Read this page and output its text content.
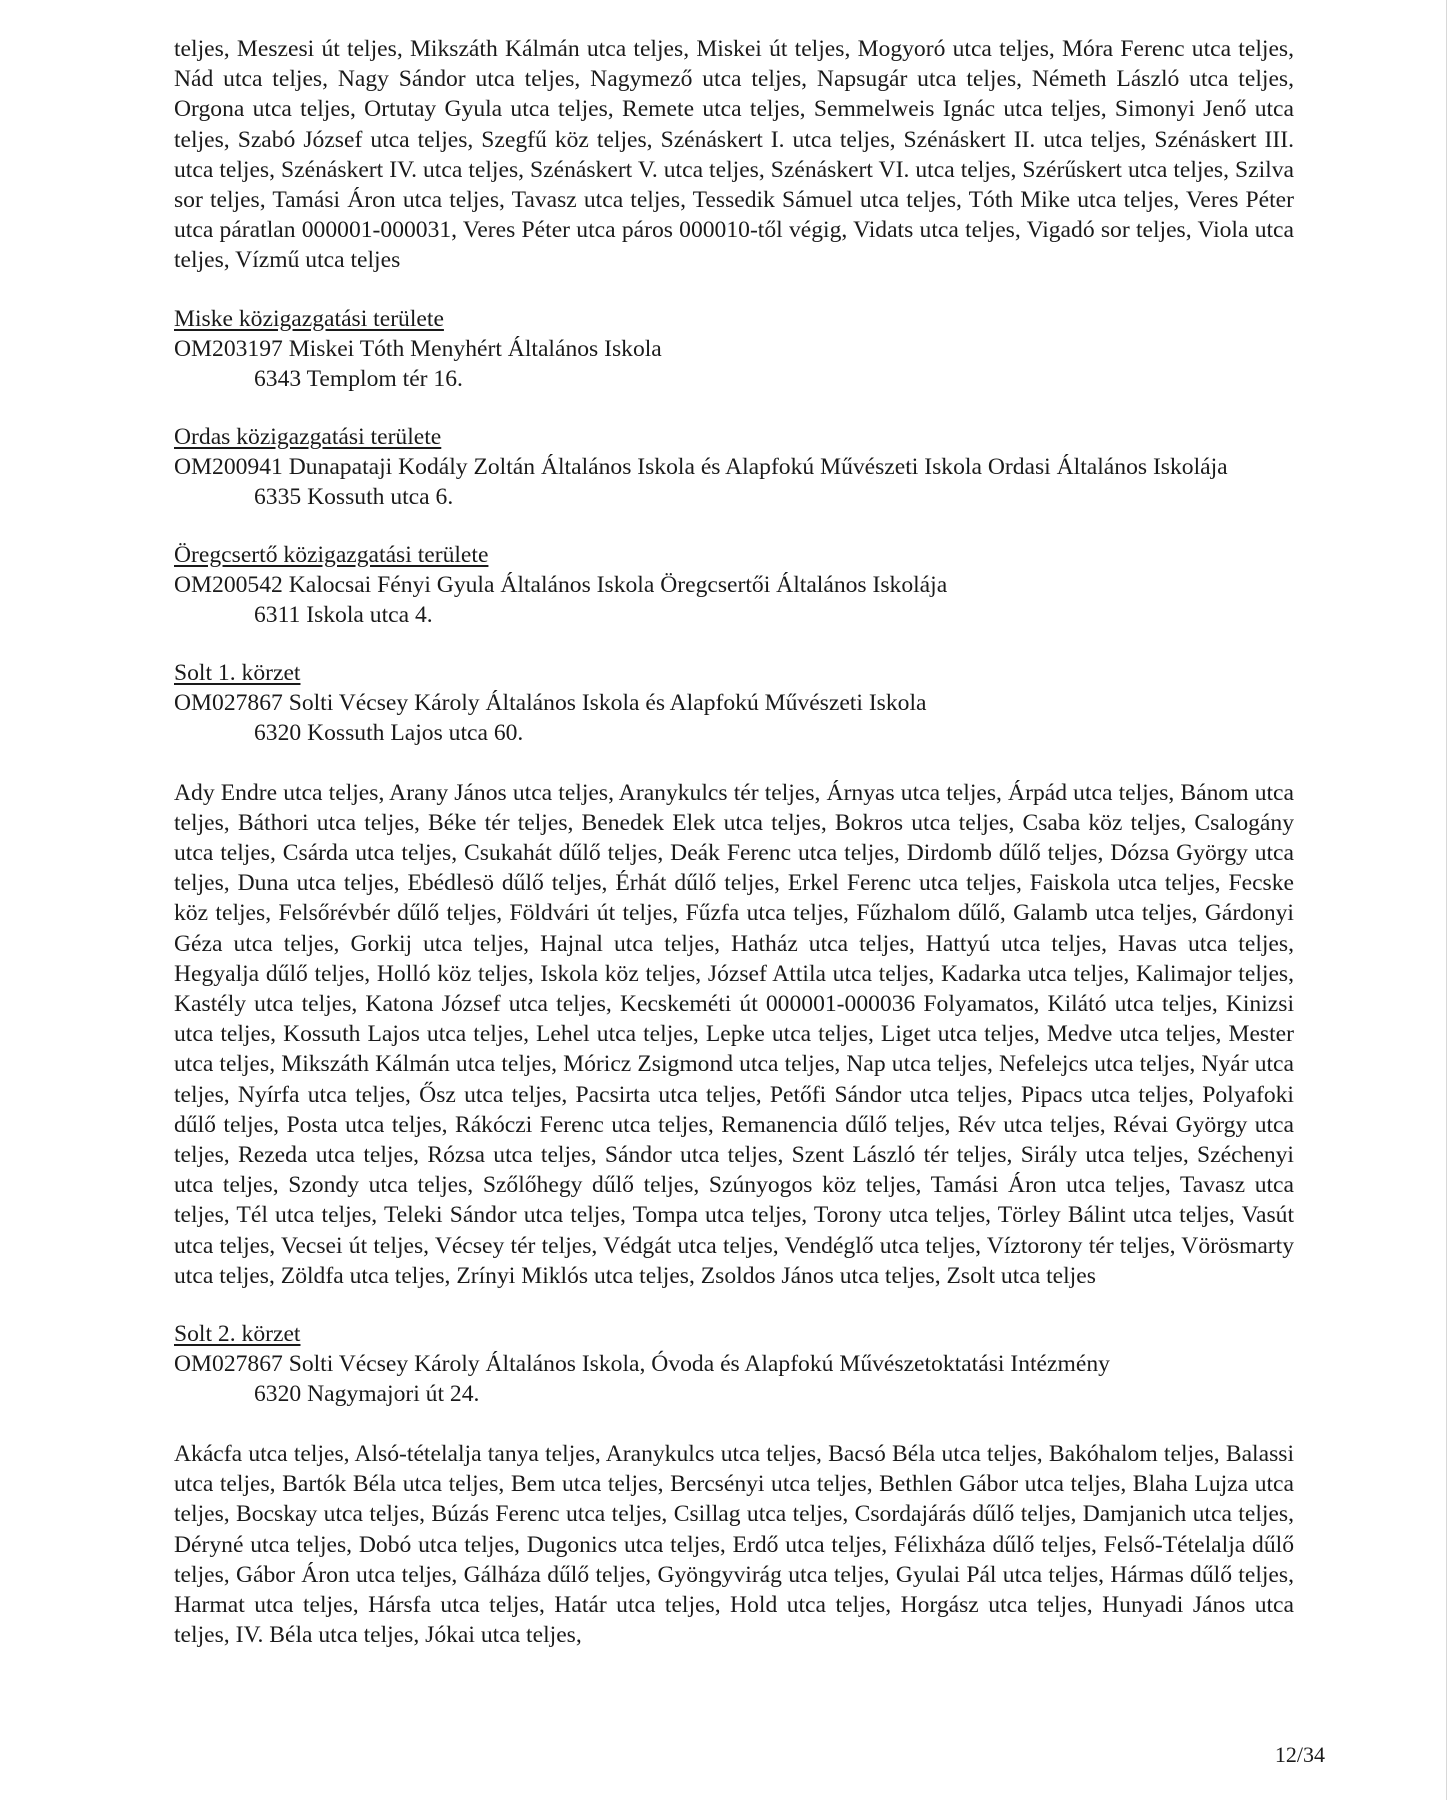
teljes, Meszesi út teljes, Mikszáth Kálmán utca teljes, Miskei út teljes, Mogyoró utca teljes, Móra Ferenc utca teljes, Nád utca teljes, Nagy Sándor utca teljes, Nagymező utca teljes, Napsugár utca teljes, Németh László utca teljes, Orgona utca teljes, Ortutay Gyula utca teljes, Remete utca teljes, Semmelweis Ignác utca teljes, Simonyi Jenő utca teljes, Szabó József utca teljes, Szegfű köz teljes, Szénáskert I. utca teljes, Szénáskert II. utca teljes, Szénáskert III. utca teljes, Szénáskert IV. utca teljes, Szénáskert V. utca teljes, Szénáskert VI. utca teljes, Szérűskert utca teljes, Szilva sor teljes, Tamási Áron utca teljes, Tavasz utca teljes, Tessedik Sámuel utca teljes, Tóth Mike utca teljes, Veres Péter utca páratlan 000001-000031, Veres Péter utca páros 000010-től végig, Vidats utca teljes, Vigadó sor teljes, Viola utca teljes, Vízmű utca teljes

Miske közigazgatási területe

OM203197 Miskei Tóth Menyhért Általános Iskola

6343 Templom tér 16.

Ordas közigazgatási területe

OM200941 Dunapataji Kodály Zoltán Általános Iskola és Alapfokú Művészeti Iskola Ordasi Általános Iskolája

6335 Kossuth utca 6.

Öregcsertő közigazgatási területe

OM200542 Kalocsai Fényi Gyula Általános Iskola Öregcsertői Általános Iskolája

6311 Iskola utca 4.

Solt 1. körzet

OM027867 Solti Vécsey Károly Általános Iskola és Alapfokú Művészeti Iskola

6320 Kossuth Lajos utca 60.

Ady Endre utca teljes, Arany János utca teljes, Aranykulcs tér teljes, Árnyas utca teljes, Árpád utca teljes, Bánom utca teljes, Báthori utca teljes, Béke tér teljes, Benedek Elek utca teljes, Bokros utca teljes, Csaba köz teljes, Csalogány utca teljes, Csárda utca teljes, Csukahát dűlő teljes, Deák Ferenc utca teljes, Dirdomb dűlő teljes, Dózsa György utca teljes, Duna utca teljes, Ebédlesö dűlő teljes, Érhát dűlő teljes, Erkel Ferenc utca teljes, Faiskola utca teljes, Fecske köz teljes, Felsőrévbér dűlő teljes, Földvári út teljes, Fűzfa utca teljes, Fűzhalom dűlő, Galamb utca teljes, Gárdonyi Géza utca teljes, Gorkij utca teljes, Hajnal utca teljes, Hatház utca teljes, Hattyú utca teljes, Havas utca teljes, Hegyalja dűlő teljes, Holló köz teljes, Iskola köz teljes, József Attila utca teljes, Kadarka utca teljes, Kalimajor teljes, Kastély utca teljes, Katona József utca teljes, Kecskeméti út 000001-000036 Folyamatos, Kilátó utca teljes, Kinizsi utca teljes, Kossuth Lajos utca teljes, Lehel utca teljes, Lepke utca teljes, Liget utca teljes, Medve utca teljes, Mester utca teljes, Mikszáth Kálmán utca teljes, Móricz Zsigmond utca teljes, Nap utca teljes, Nefelejcs utca teljes, Nyár utca teljes, Nyírfa utca teljes, Ősz utca teljes, Pacsirta utca teljes, Petőfi Sándor utca teljes, Pipacs utca teljes, Polyafoki dűlő teljes, Posta utca teljes, Rákóczi Ferenc utca teljes, Remanencia dűlő teljes, Rév utca teljes, Révai György utca teljes, Rezeda utca teljes, Rózsa utca teljes, Sándor utca teljes, Szent László tér teljes, Sirály utca teljes, Széchenyi utca teljes, Szondy utca teljes, Szőlőhegy dűlő teljes, Szúnyogos köz teljes, Tamási Áron utca teljes, Tavasz utca teljes, Tél utca teljes, Teleki Sándor utca teljes, Tompa utca teljes, Torony utca teljes, Törley Bálint utca teljes, Vasút utca teljes, Vecsei út teljes, Vécsey tér teljes, Védgát utca teljes, Vendéglő utca teljes, Víztorony tér teljes, Vörösmarty utca teljes, Zöldfa utca teljes, Zrínyi Miklós utca teljes, Zsoldos János utca teljes, Zsolt utca teljes

Solt 2. körzet

OM027867 Solti Vécsey Károly Általános Iskola, Óvoda és Alapfokú Művészetoktatási Intézmény

6320 Nagymajori út 24.

Akácfa utca teljes, Alsó-tételalja tanya teljes, Aranykulcs utca teljes, Bacsó Béla utca teljes, Bakóhalom teljes, Balassi utca teljes, Bartók Béla utca teljes, Bem utca teljes, Bercsényi utca teljes, Bethlen Gábor utca teljes, Blaha Lujza utca teljes, Bocskay utca teljes, Búzás Ferenc utca teljes, Csillag utca teljes, Csordajárás dűlő teljes, Damjanich utca teljes, Déryné utca teljes, Dobó utca teljes, Dugonics utca teljes, Erdő utca teljes, Félixháza dűlő teljes, Felső-Tételalja dűlő teljes, Gábor Áron utca teljes, Gálháza dűlő teljes, Gyöngyvirág utca teljes, Gyulai Pál utca teljes, Hármas dűlő teljes, Harmat utca teljes, Hársfa utca teljes, Határ utca teljes, Hold utca teljes, Horgász utca teljes, Hunyadi János utca teljes, IV. Béla utca teljes, Jókai utca teljes,

12/34
